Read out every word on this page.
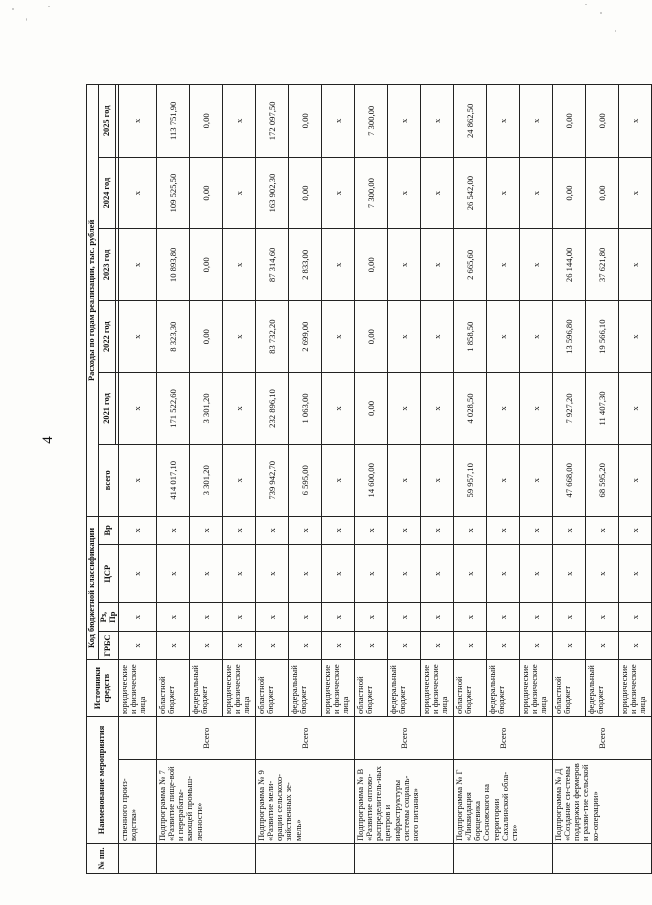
4
№ пп.	Наименование мероприятия		Источники средств	Код бюджетной классификации				Расходы по годам реализации, тыс. рублей					
				ГРБС	Рз, Пр	ЦСР	Вр	всего	2021 год	2022 год	2023 год	2024 год	2025 год

	ственного произ-водства»		юридические и физические лица	x	x	x	x	x	x	x	x	x	x
	Подпрограмма № 7 «Развитие пище-вой и перерабаты-вающей промыш-ленности»	Всего	областной бюджет	x	x	x	x	414 017,10	171 522,60	8 323,30	10 893,80	109 525,50	113 751,90
			федеральный бюджет	x	x	x	x	3 301,20	3 301,20	0,00	0,00	0,00	0,00
			юридические и физические лица	x	x	x	x	x	x	x	x	x	x
	Подпрограмма № 9 «Развитие мели-орации сельскохо-зяйственных зе-мель»	Всего	областной бюджет	x	x	x	x	739 942,70	232 896,10	83 732,20	87 314,60	163 902,30	172 097,50
			федеральный бюджет	x	x	x	x	6 595,00	1 063,00	2 699,00	2 833,00	0,00	0,00
			юридические и физические лица	x	x	x	x	x	x	x	x	x	x
	Подпрограмма № В «Развитие оптово-распределитель-ных центров и инфраструктуры системы социаль-ного питания»	Всего	областной бюджет	x	x	x	x	14 600,00	0,00	0,00	0,00	7 300,00	7 300,00
			федеральный бюджет	x	x	x	x	x	x	x	x	x	x
			юридические и физические лица	x	x	x	x	x	x	x	x	x	x
	Подпрограмма № Г «Ликвидация борщевика Сосновского на территории Сахалинской обла-сти»	Всего	областной бюджет	x	x	x	x	59 957,10	4 028,50	1 858,50	2 665,60	26 542,00	24 862,50
			федеральный бюджет	x	x	x	x	x	x	x	x	x	x
			юридические и физические лица	x	x	x	x	x	x	x	x	x	x
	Подпрограмма № Д «Создание си-стемы поддержки фермеров и разви-тие сельской ко-операции»	Всего	областной бюджет	x	x	x	x	47 668,00	7 927,20	13 596,80	26 144,00	0,00	0,00
			федеральный бюджет	x	x	x	x	68 595,20	11 407,30	19 566,10	37 621,80	0,00	0,00
			юридические и физические лица	x	x	x	x	x	x	x	x	x	x
